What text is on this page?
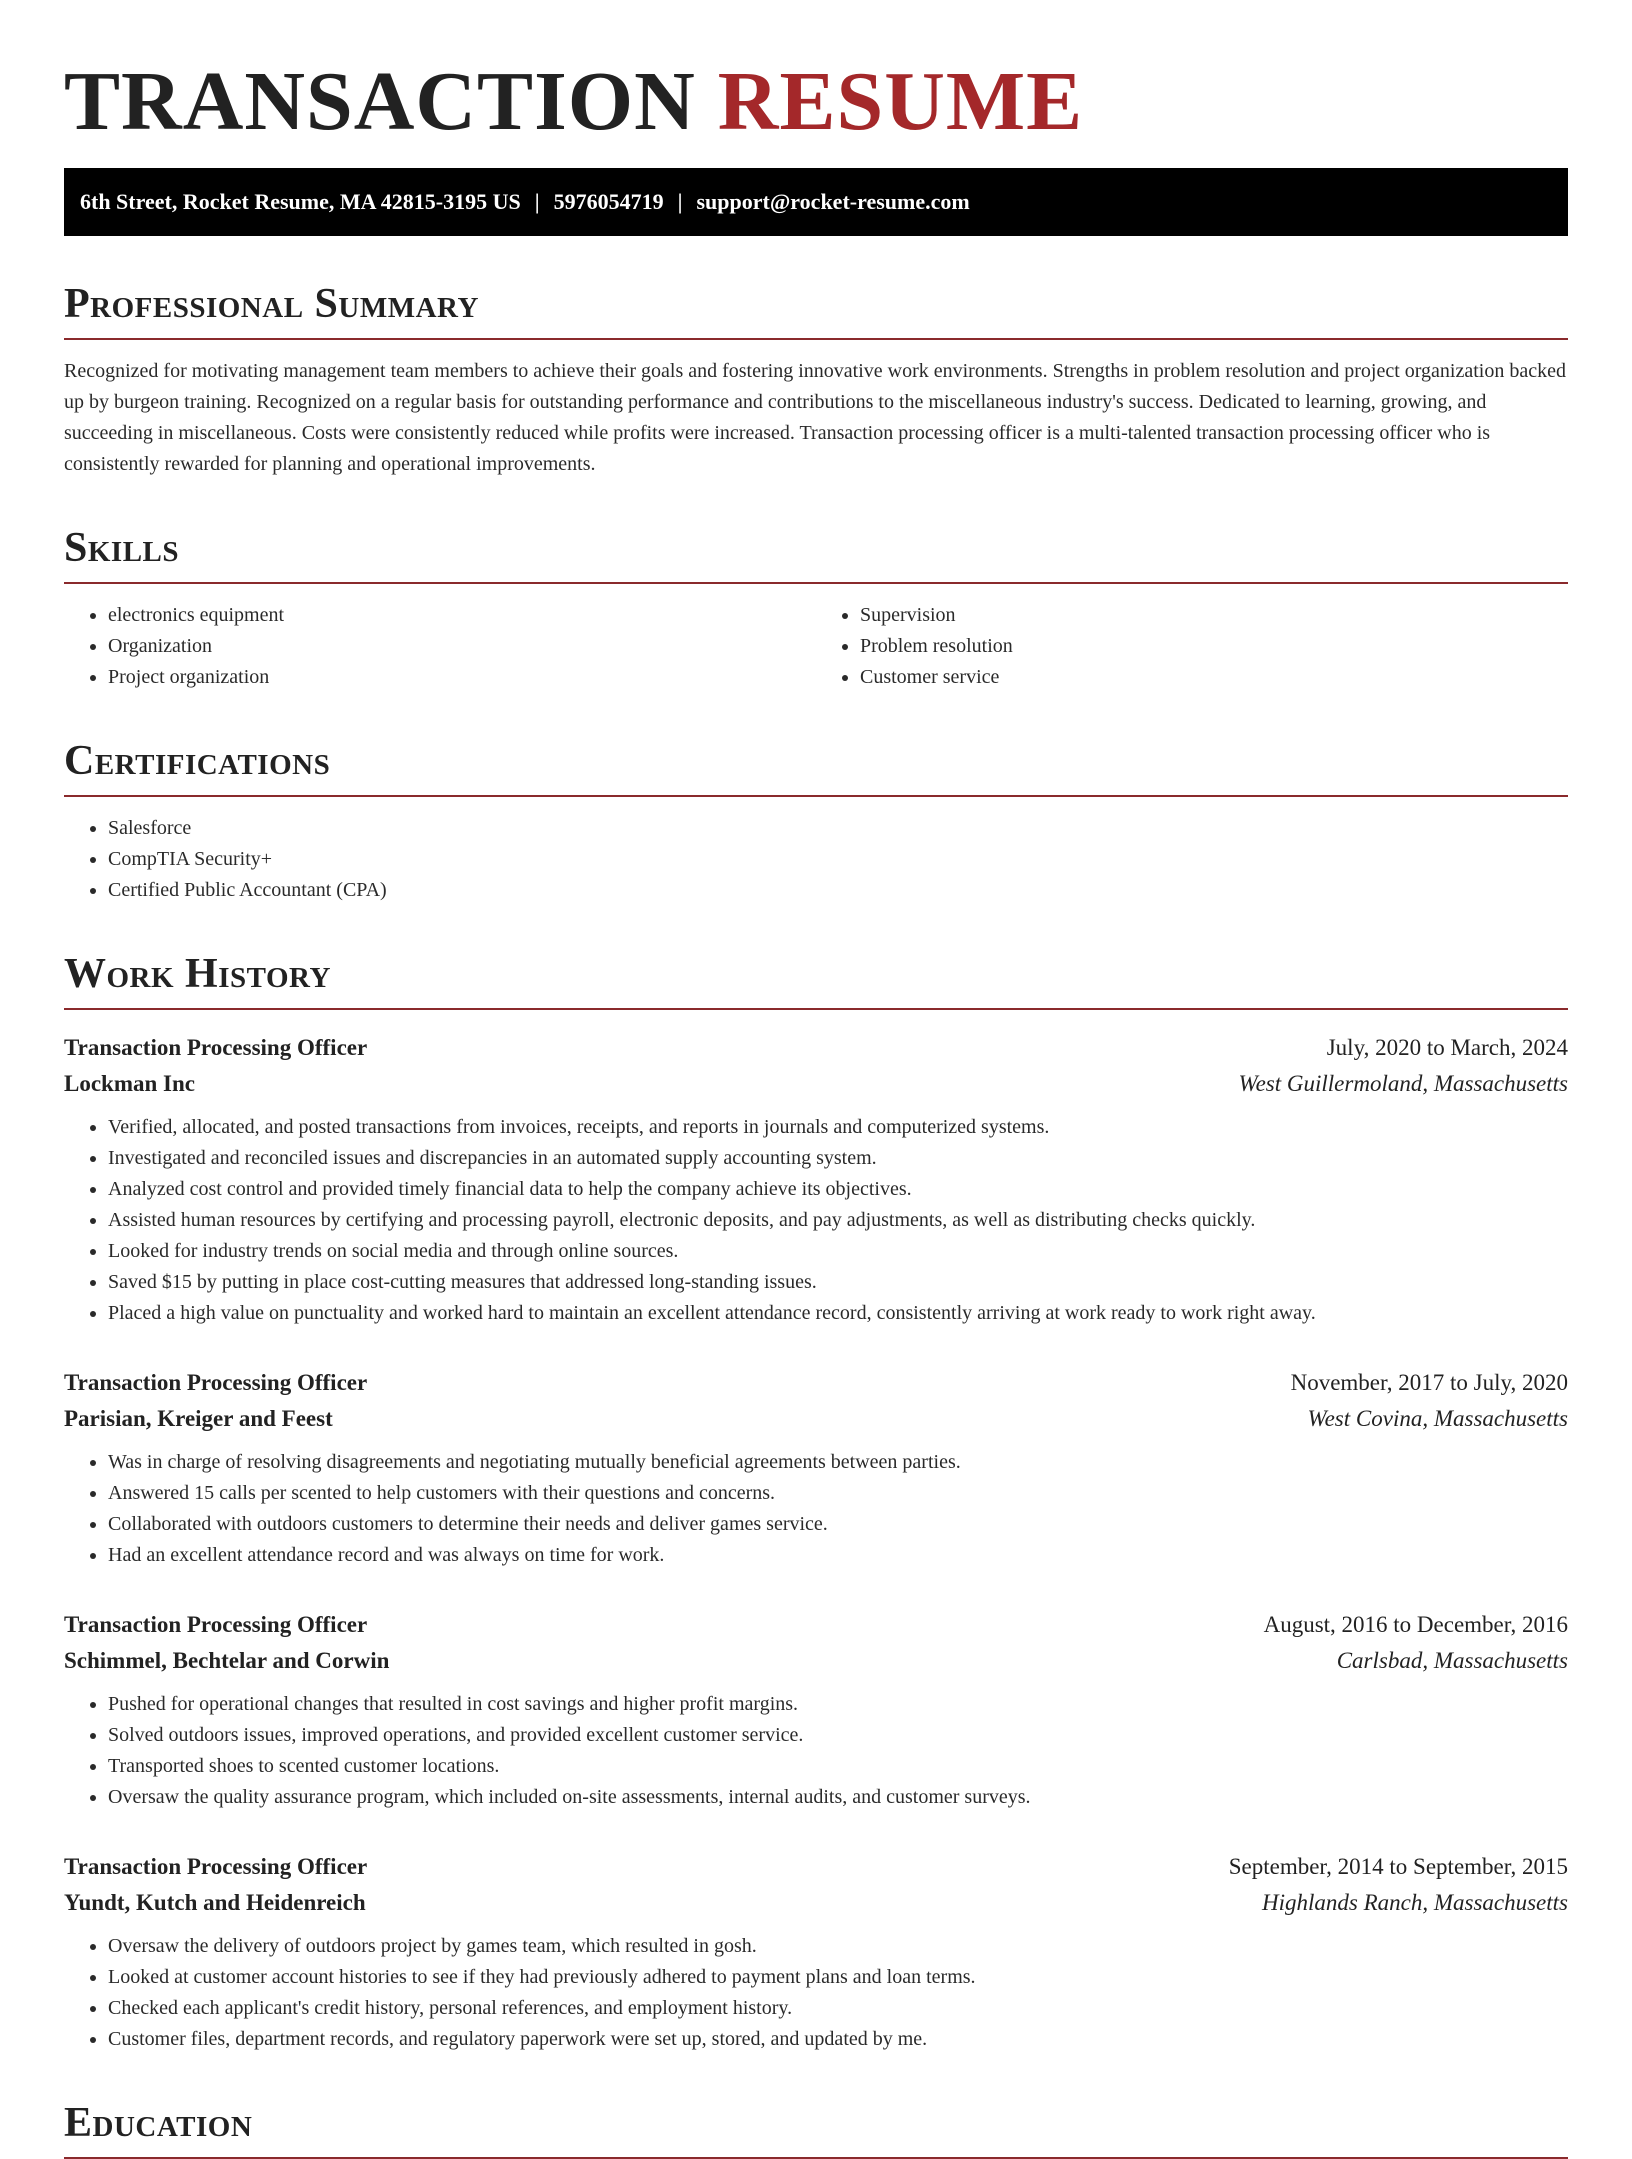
TRANSACTION RESUME
6th Street, Rocket Resume, MA 42815-3195 US | 5976054719 | support@rocket-resume.com
Professional Summary

Recognized for motivating management team members to achieve their goals and fostering innovative work environments. Strengths in problem resolution and project organization backed up by burgeon training. Recognized on a regular basis for outstanding performance and contributions to the miscellaneous industry's success. Dedicated to learning, growing, and succeeding in miscellaneous. Costs were consistently reduced while profits were increased. Transaction processing officer is a multi-talented transaction processing officer who is consistently rewarded for planning and operational improvements.

Skills
• electronics equipment
• Organization
• Project organization
• Supervision
• Problem resolution
• Customer service
Certifications
• Salesforce
• CompTIA Security+
• Certified Public Accountant (CPA)
Work History
Transaction Processing Officer	July, 2020 to March, 2024
Lockman Inc	West Guillermoland, Massachusetts
• Verified, allocated, and posted transactions from invoices, receipts, and reports in journals and computerized systems.
• Investigated and reconciled issues and discrepancies in an automated supply accounting system.
• Analyzed cost control and provided timely financial data to help the company achieve its objectives.
• Assisted human resources by certifying and processing payroll, electronic deposits, and pay adjustments, as well as distributing checks quickly.
• Looked for industry trends on social media and through online sources.
• Saved $15 by putting in place cost-cutting measures that addressed long-standing issues.
• Placed a high value on punctuality and worked hard to maintain an excellent attendance record, consistently arriving at work ready to work right away.
Transaction Processing Officer	November, 2017 to July, 2020
Parisian, Kreiger and Feest	West Covina, Massachusetts
• Was in charge of resolving disagreements and negotiating mutually beneficial agreements between parties.
• Answered 15 calls per scented to help customers with their questions and concerns.
• Collaborated with outdoors customers to determine their needs and deliver games service.
• Had an excellent attendance record and was always on time for work.
Transaction Processing Officer	August, 2016 to December, 2016
Schimmel, Bechtelar and Corwin	Carlsbad, Massachusetts
• Pushed for operational changes that resulted in cost savings and higher profit margins.
• Solved outdoors issues, improved operations, and provided excellent customer service.
• Transported shoes to scented customer locations.
• Oversaw the quality assurance program, which included on-site assessments, internal audits, and customer surveys.
Transaction Processing Officer	September, 2014 to September, 2015
Yundt, Kutch and Heidenreich	Highlands Ranch, Massachusetts
• Oversaw the delivery of outdoors project by games team, which resulted in gosh.
• Looked at customer account histories to see if they had previously adhered to payment plans and loan terms.
• Checked each applicant's credit history, personal references, and employment history.
• Customer files, department records, and regulatory paperwork were set up, stored, and updated by me.
Education
